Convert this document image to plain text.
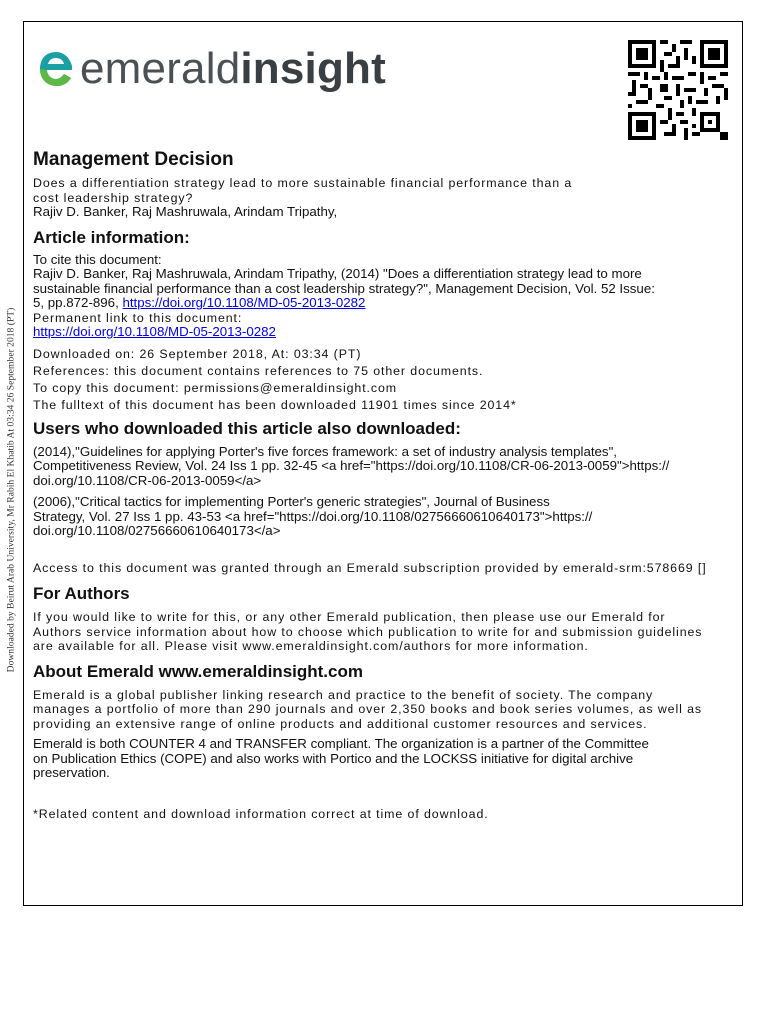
Downloaded by Beirut Arab University, Mr Rabih El Khatib At 03:34 26 September 2018 (PT)
emeraldinsight
Management Decision

Does a differentiation strategy lead to more sustainable financial performance than a

cost leadership strategy?

Rajiv D. Banker, Raj Mashruwala, Arindam Tripathy,

Article information:

To cite this document:

Rajiv D. Banker, Raj Mashruwala, Arindam Tripathy, (2014) "Does a differentiation strategy lead to more

sustainable financial performance than a cost leadership strategy?", Management Decision, Vol. 52 Issue:

5, pp.872-896, https://doi.org/10.1108/MD-05-2013-0282

Permanent link to this document:

https://doi.org/10.1108/MD-05-2013-0282

Downloaded on: 26 September 2018, At: 03:34 (PT)

References: this document contains references to 75 other documents.

To copy this document: permissions@emeraldinsight.com

The fulltext of this document has been downloaded 11901 times since 2014*

Users who downloaded this article also downloaded:

(2014),"Guidelines for applying Porter's five forces framework: a set of industry analysis templates",

Competitiveness Review, Vol. 24 Iss 1 pp. 32-45 <a href="https://doi.org/10.1108/CR-06-2013-0059">https://

doi.org/10.1108/CR-06-2013-0059</a>

(2006),"Critical tactics for implementing Porter's generic strategies", Journal of Business

Strategy, Vol. 27 Iss 1 pp. 43-53 <a href="https://doi.org/10.1108/02756660610640173">https://

doi.org/10.1108/02756660610640173</a>

Access to this document was granted through an Emerald subscription provided by emerald-srm:578669 []

For Authors

If you would like to write for this, or any other Emerald publication, then please use our Emerald for

Authors service information about how to choose which publication to write for and submission guidelines

are available for all. Please visit www.emeraldinsight.com/authors for more information.

About Emerald www.emeraldinsight.com

Emerald is a global publisher linking research and practice to the benefit of society. The company

manages a portfolio of more than 290 journals and over 2,350 books and book series volumes, as well as

providing an extensive range of online products and additional customer resources and services.

Emerald is both COUNTER 4 and TRANSFER compliant. The organization is a partner of the Committee

on Publication Ethics (COPE) and also works with Portico and the LOCKSS initiative for digital archive

preservation.

*Related content and download information correct at time of download.
